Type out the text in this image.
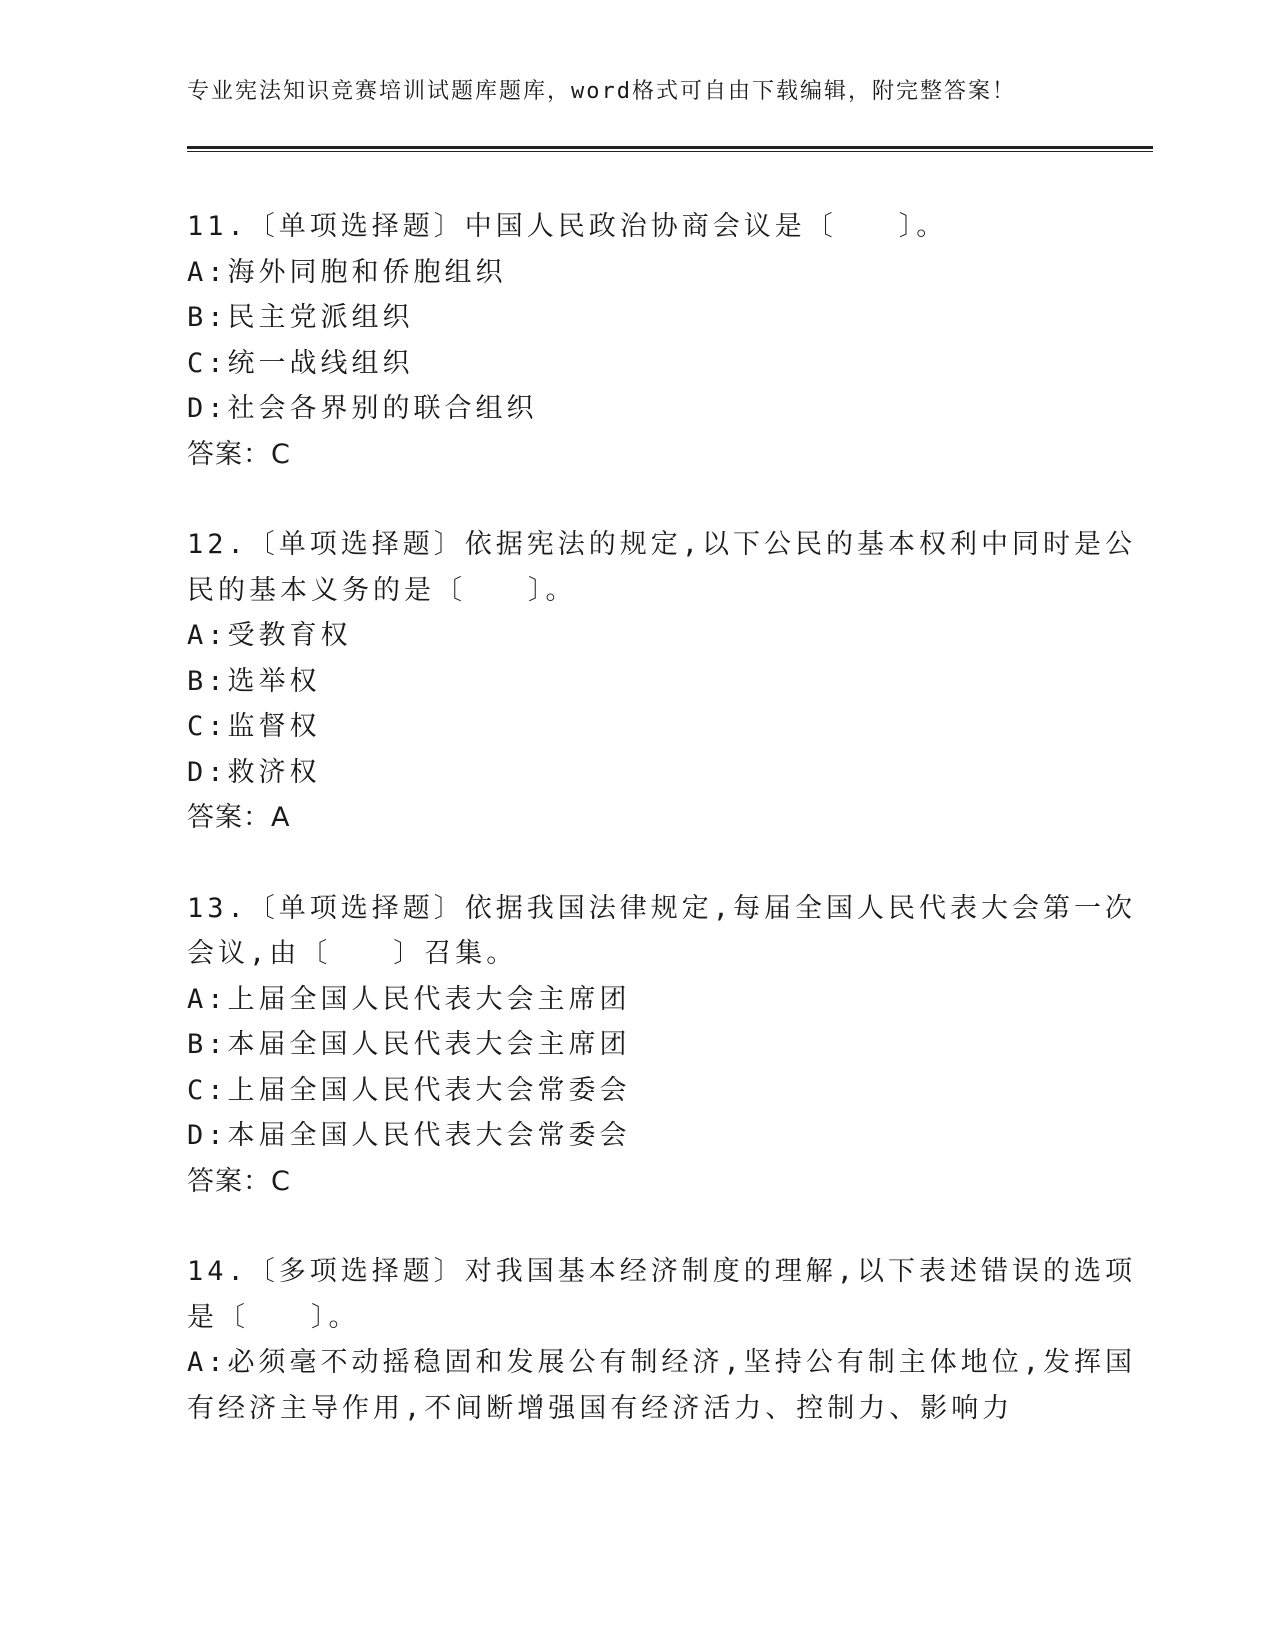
专业宪法知识竞赛培训试题库题库，word格式可自由下载编辑，附完整答案！
11.〔单项选择题〕中国人民政治协商会议是〔　　〕。
A:海外同胞和侨胞组织
B:民主党派组织
C:统一战线组织
D:社会各界别的联合组织
答案：C
12.〔单项选择题〕依据宪法的规定,以下公民的基本权利中同时是公
民的基本义务的是〔　　〕。
A:受教育权
B:选举权
C:监督权
D:救济权
答案：A
13.〔单项选择题〕依据我国法律规定,每届全国人民代表大会第一次
会议,由〔　　〕召集。
A:上届全国人民代表大会主席团
B:本届全国人民代表大会主席团
C:上届全国人民代表大会常委会
D:本届全国人民代表大会常委会
答案：C
14.〔多项选择题〕对我国基本经济制度的理解,以下表述错误的选项
是〔　　〕。
A:必须毫不动摇稳固和发展公有制经济,坚持公有制主体地位,发挥国
有经济主导作用,不间断增强国有经济活力、控制力、影响力
